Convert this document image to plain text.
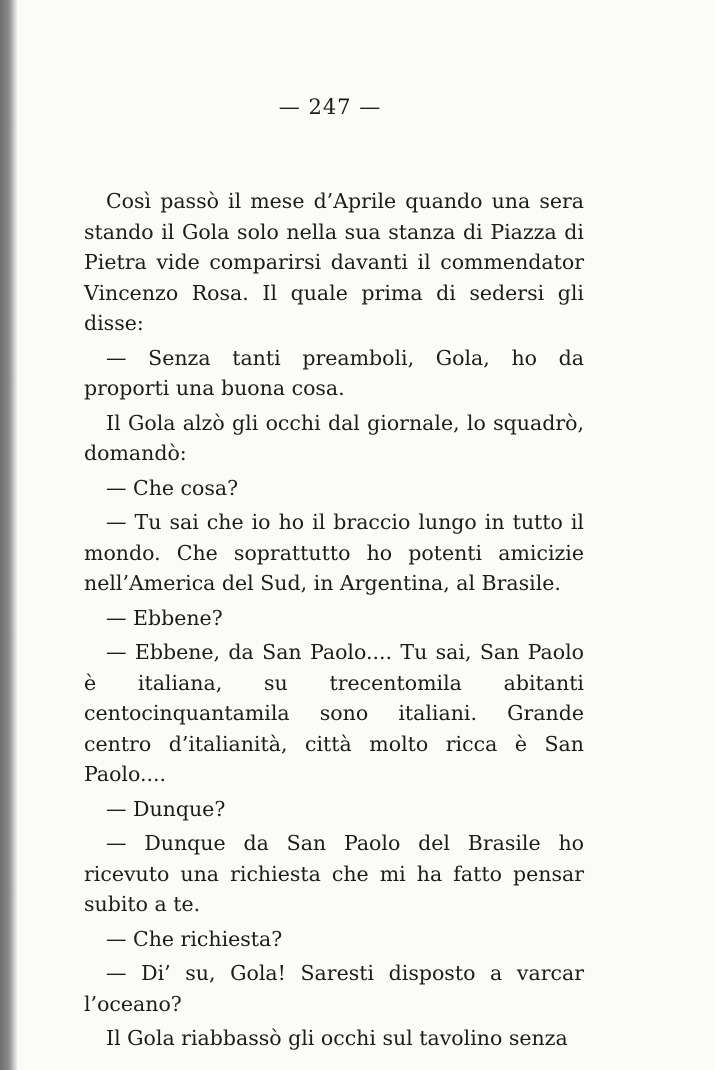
— 247 —

Così passò il mese d’Aprile quando una sera stando il Gola solo nella sua stanza di Piazza di Pietra vide comparirsi davanti il commendator Vincenzo Rosa. Il quale prima di sedersi gli disse:

— Senza tanti preamboli, Gola, ho da proporti una buona cosa.

Il Gola alzò gli occhi dal giornale, lo squadrò, domandò:

— Che cosa?

— Tu sai che io ho il braccio lungo in tutto il mondo. Che soprattutto ho potenti amicizie nell’America del Sud, in Argentina, al Brasile.

— Ebbene?

— Ebbene, da San Paolo.... Tu sai, San Paolo è italiana, su trecentomila abitanti centocinquantamila sono italiani. Grande centro d’italianità, città molto ricca è San Paolo....

— Dunque?

— Dunque da San Paolo del Brasile ho ricevuto una richiesta che mi ha fatto pensar subito a te.

— Che richiesta?

— Di’ su, Gola! Saresti disposto a varcar l’oceano?

Il Gola riabbassò gli occhi sul tavolino senza
